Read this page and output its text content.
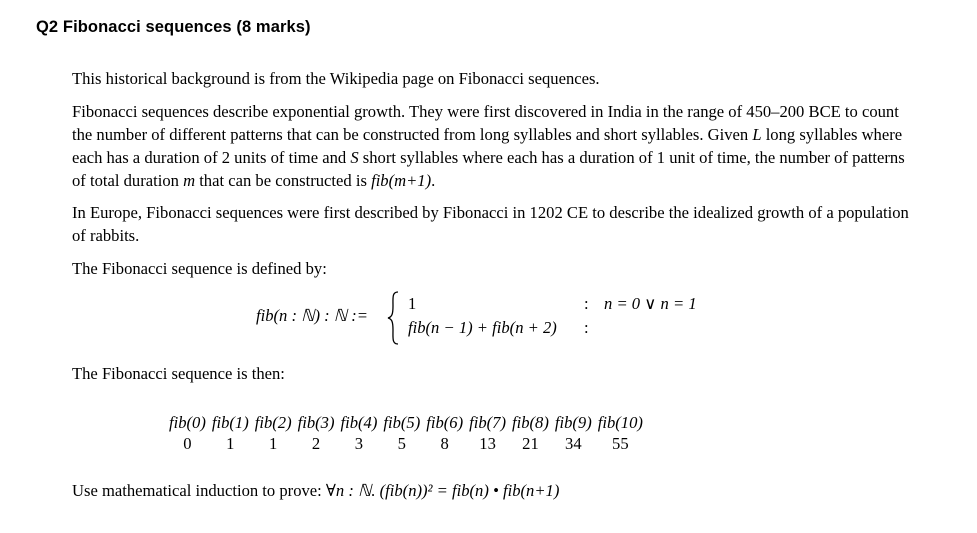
Q2 Fibonacci sequences (8 marks)

This historical background is from the Wikipedia page on Fibonacci sequences.

Fibonacci sequences describe exponential growth. They were first discovered in India in the range of 450–200 BCE to count the number of different patterns that can be constructed from long syllables and short syllables. Given L long syllables where each has a duration of 2 units of time and S short syllables where each has a duration of 1 unit of time, the number of patterns of total duration m that can be constructed is fib(m+1).

In Europe, Fibonacci sequences were first described by Fibonacci in 1202 CE to describe the idealized growth of a population of rabbits.

The Fibonacci sequence is defined by:

fib(n : ℕ) : ℕ :=
1
fib(n − 1) + fib(n + 2)
:
:
n = 0 ∨ n = 1

The Fibonacci sequence is then:

fib(0)	fib(1)	fib(2)	fib(3)	fib(4)	fib(5)	fib(6)	fib(7)	fib(8)	fib(9)	fib(10)
0	1	1	2	3	5	8	13	21	34	55
Use mathematical induction to prove: ∀n : ℕ. (fib(n))² = fib(n) • fib(n+1)
